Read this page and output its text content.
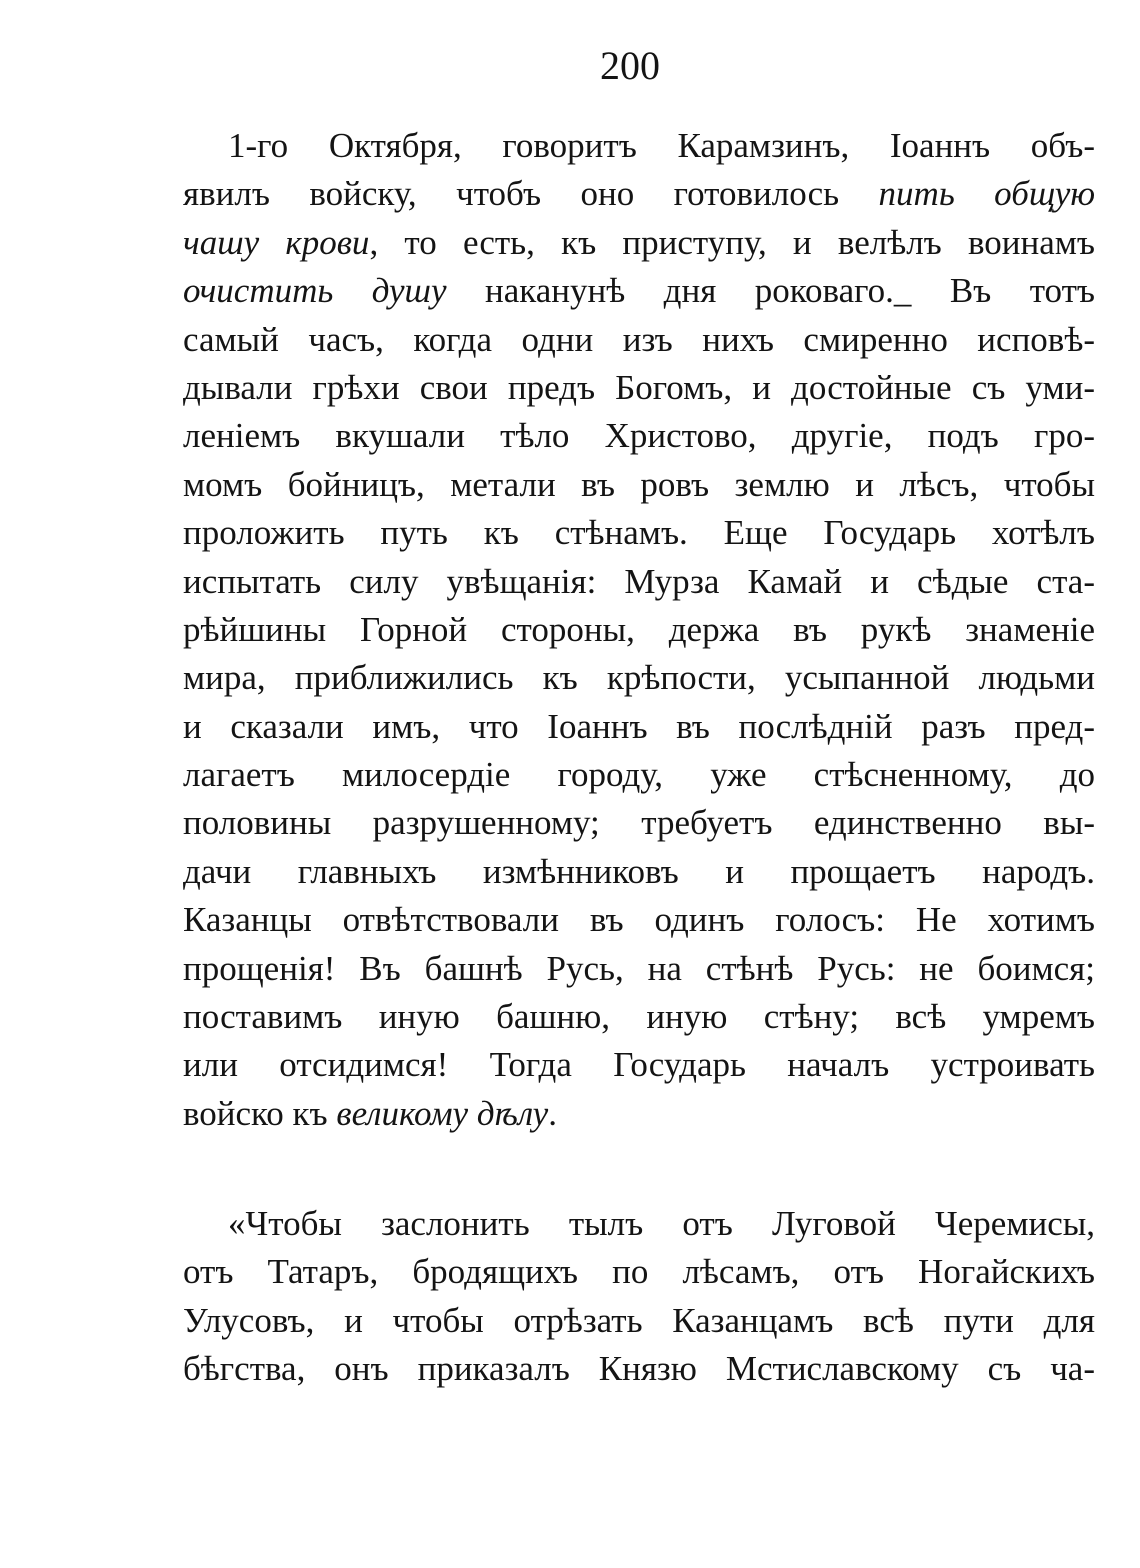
200
1-го Октября, говоритъ Карамзинъ, Іоаннъ объ-
явилъ войску, чтобъ оно готовилось пить общую
чашу крови, то есть, къ приступу, и велѣлъ воинамъ
очистить душу наканунѣ дня роковаго._ Въ тотъ
самый часъ, когда одни изъ нихъ смиренно исповѣ-
дывали грѣхи свои предъ Богомъ, и достойные съ уми-
леніемъ вкушали тѣло Христово, другіе, подъ гро-
момъ бойницъ, метали въ ровъ землю и лѣсъ, чтобы
проложить путь къ стѣнамъ. Еще Государь хотѣлъ
испытать силу увѣщанія: Мурза Камай и сѣдые ста-
рѣйшины Горной стороны, держа въ рукѣ знаменіе
мира, приближились къ крѣпости, усыпанной людьми
и сказали имъ, что Іоаннъ въ послѣдній разъ пред-
лагаетъ милосердіе городу, уже стѣсненному, до
половины разрушенному; требуетъ единственно вы-
дачи главныхъ измѣнниковъ и прощаетъ народъ.
Казанцы отвѣтствовали въ одинъ голосъ: Не хотимъ
прощенія! Въ башнѣ Русь, на стѣнѣ Русь: не боимся;
поставимъ иную башню, иную стѣну; всѣ умремъ
или отсидимся! Тогда Государь началъ устроивать
войско къ великому дѣлу.
«Чтобы заслонить тылъ отъ Луговой Черемисы,
отъ Татаръ, бродящихъ по лѣсамъ, отъ Ногайскихъ
Улусовъ, и чтобы отрѣзать Казанцамъ всѣ пути для
бѣгства, онъ приказалъ Князю Мстиславскому съ ча-
